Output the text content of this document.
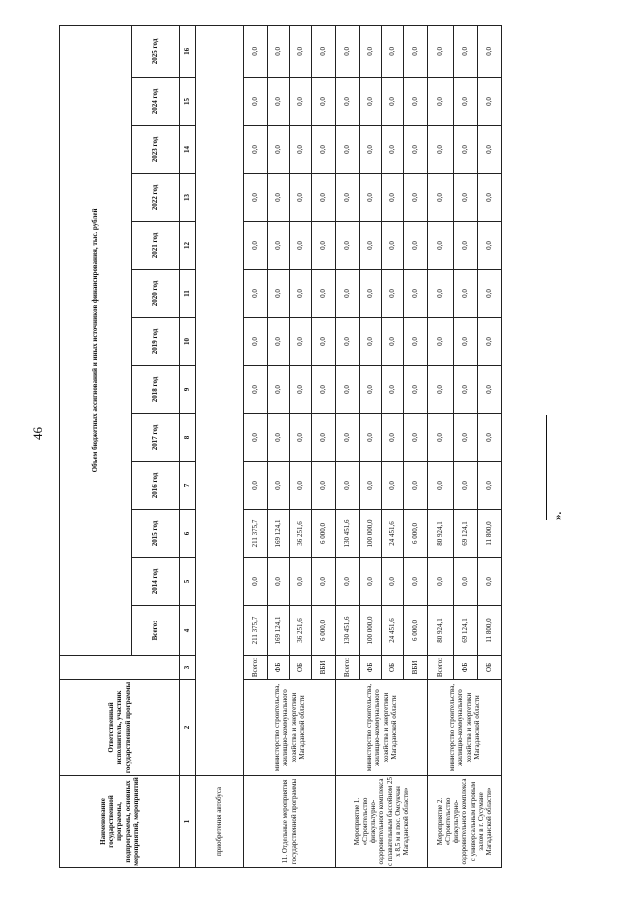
46
».
Наименование государственной программы, подпрограммы, основных мероприятий, мероприятий	Ответственный исполнитель, участник государственной программы		Объем бюджетных ассигнований и иных источников финансирования, тыс. рублей												
			Всего:	2014 год	2015 год	2016 год	2017 год	2018 год	2019 год	2020 год	2021 год	2022 год	2023 год	2024 год	2025 год
1	2	3	4	5	6	7	8	9	10	11	12	13	14	15	16
приобретения автобуса															
11. Отдельные мероприятия государственной программы	министерство строительства, жилищно-коммунального хозяйства и энергетики Магаданской области	Всего:	211 375,7	0,0	211 375,7	0,0	0,0	0,0	0,0	0,0	0,0	0,0	0,0	0,0	0,0
		ФБ	169 124,1	0,0	169 124,1	0,0	0,0	0,0	0,0	0,0	0,0	0,0	0,0	0,0	0,0
		ОБ	36 251,6	0,0	36 251,6	0,0	0,0	0,0	0,0	0,0	0,0	0,0	0,0	0,0	0,0
		ВБИ	6 000,0	0,0	6 000,0	0,0	0,0	0,0	0,0	0,0	0,0	0,0	0,0	0,0	0,0
Мероприятие 1. «Строительство физкультурно-оздоровительного комплекса с плавательным бассейном 25 х 8,5 м в пос. Омсукчан Магаданской области»	министерство строительства, жилищно-коммунального хозяйства и энергетики Магаданской области	Всего:	130 451,6	0,0	130 451,6	0,0	0,0	0,0	0,0	0,0	0,0	0,0	0,0	0,0	0,0
		ФБ	100 000,0	0,0	100 000,0	0,0	0,0	0,0	0,0	0,0	0,0	0,0	0,0	0,0	0,0
		ОБ	24 451,6	0,0	24 451,6	0,0	0,0	0,0	0,0	0,0	0,0	0,0	0,0	0,0	0,0
		ВБИ	6 000,0	0,0	6 000,0	0,0	0,0	0,0	0,0	0,0	0,0	0,0	0,0	0,0	0,0
Мероприятие 2. «Строительство физкультурно-оздоровительного комплекса с универсальным игровым залом в г. Сусумане Магаданской области»	министерство строительства, жилищно-коммунального хозяйства и энергетики Магаданской области	Всего:	80 924,1	0,0	80 924,1	0,0	0,0	0,0	0,0	0,0	0,0	0,0	0,0	0,0	0,0
		ФБ	69 124,1	0,0	69 124,1	0,0	0,0	0,0	0,0	0,0	0,0	0,0	0,0	0,0	0,0
		ОБ	11 800,0	0,0	11 800,0	0,0	0,0	0,0	0,0	0,0	0,0	0,0	0,0	0,0	0,0
